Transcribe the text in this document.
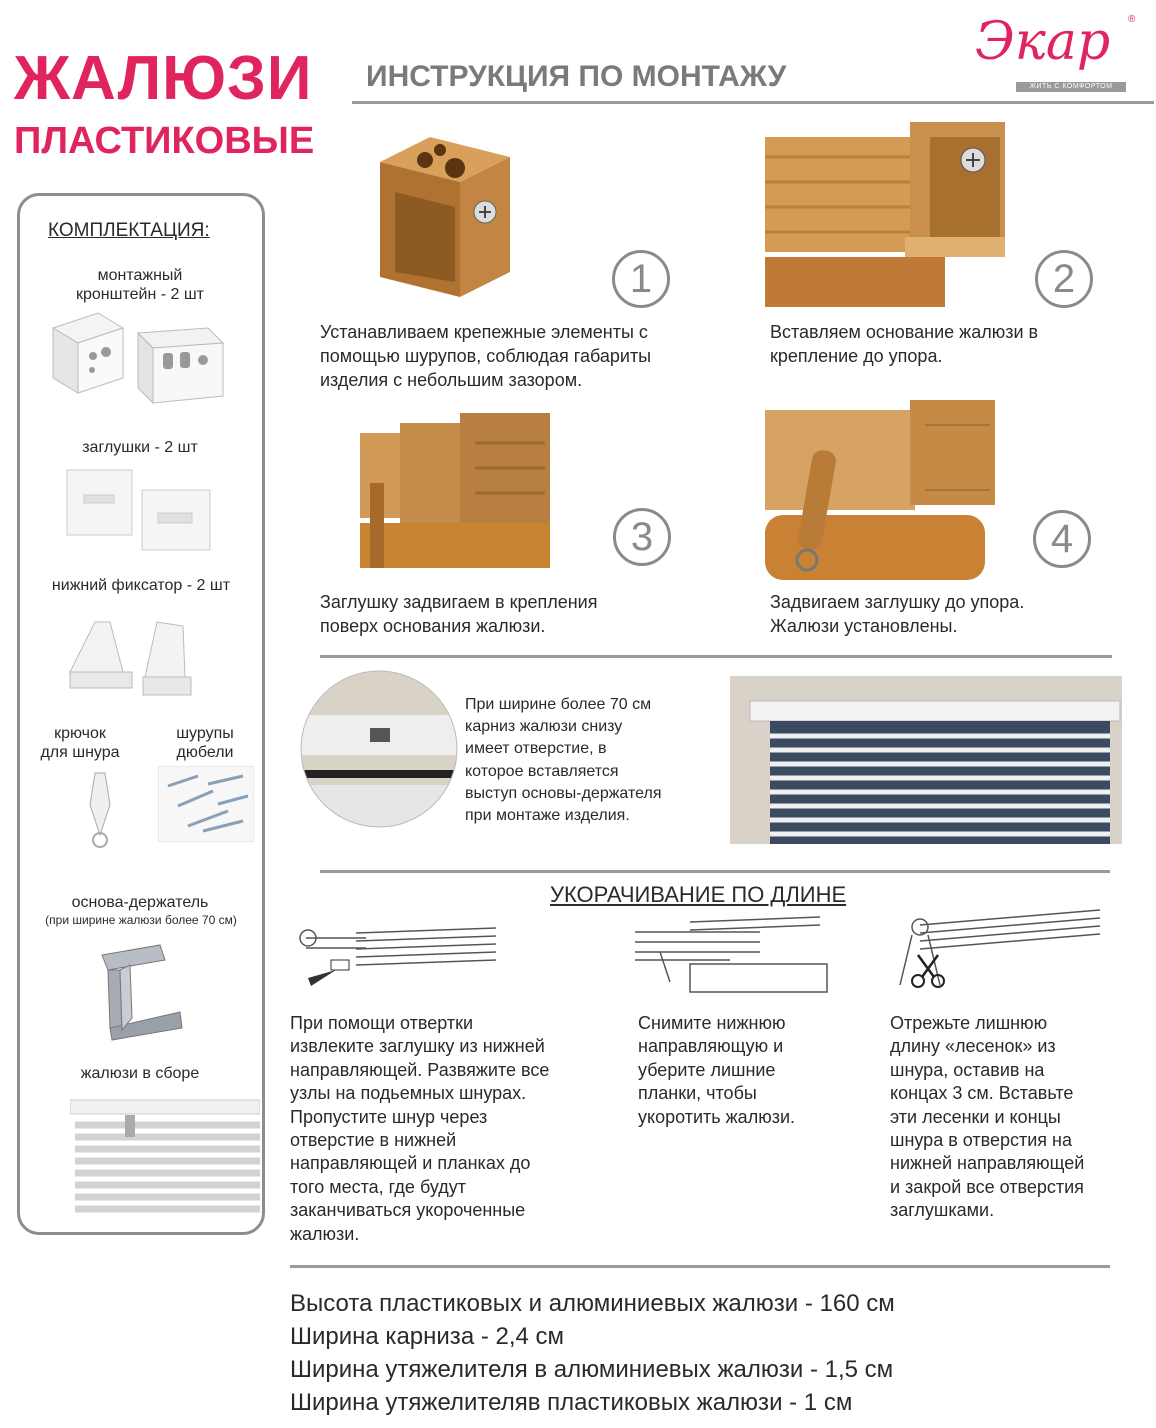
ЖАЛЮЗИ
ПЛАСТИКОВЫЕ
ИНСТРУКЦИЯ ПО МОНТАЖУ
Экар ®
ЖИТЬ С КОМФОРТОМ
КОМПЛЕКТАЦИЯ:
монтажный
кронштейн - 2 шт
заглушки - 2 шт
нижний фиксатор - 2 шт
крючок
для шнура
шурупы
дюбели
основа-держатель
(при ширине жалюзи более 70 см)
жалюзи в сборе
1
Устанавливаем крепежные элементы с
помощью шурупов, соблюдая габариты
изделия с небольшим зазором.
2
Вставляем основание жалюзи в
крепление до упора.
3
Заглушку задвигаем в крепления
поверх основания жалюзи.
4
Задвигаем заглушку до упора.
Жалюзи установлены.
При ширине более 70 см
карниз жалюзи снизу
имеет отверстие, в
которое вставляется
выступ основы-держателя
при монтаже изделия.
УКОРАЧИВАНИЕ ПО ДЛИНЕ
При помощи отвертки
извлеките заглушку из нижней
направляющей. Развяжите все
узлы на подьемных шнурах.
Пропустите шнур через
отверстие в нижней
направляющей и планках до
того места, где будут
заканчиваться укороченные
жалюзи.
Снимите нижнюю
направляющую и
уберите лишние
планки, чтобы
укоротить жалюзи.
Отрежьте лишнюю
длину «лесенок» из
шнура, оставив на
концах 3 см. Вставьте
эти лесенки и концы
шнура в отверстия на
нижней направляющей
и закрой все отверстия
заглушками.
Высота пластиковых и алюминиевых жалюзи - 160 см
Ширина карниза - 2,4 см
Ширина утяжелителя в алюминиевых жалюзи - 1,5 см
Ширина утяжелителяв пластиковых жалюзи - 1 см
